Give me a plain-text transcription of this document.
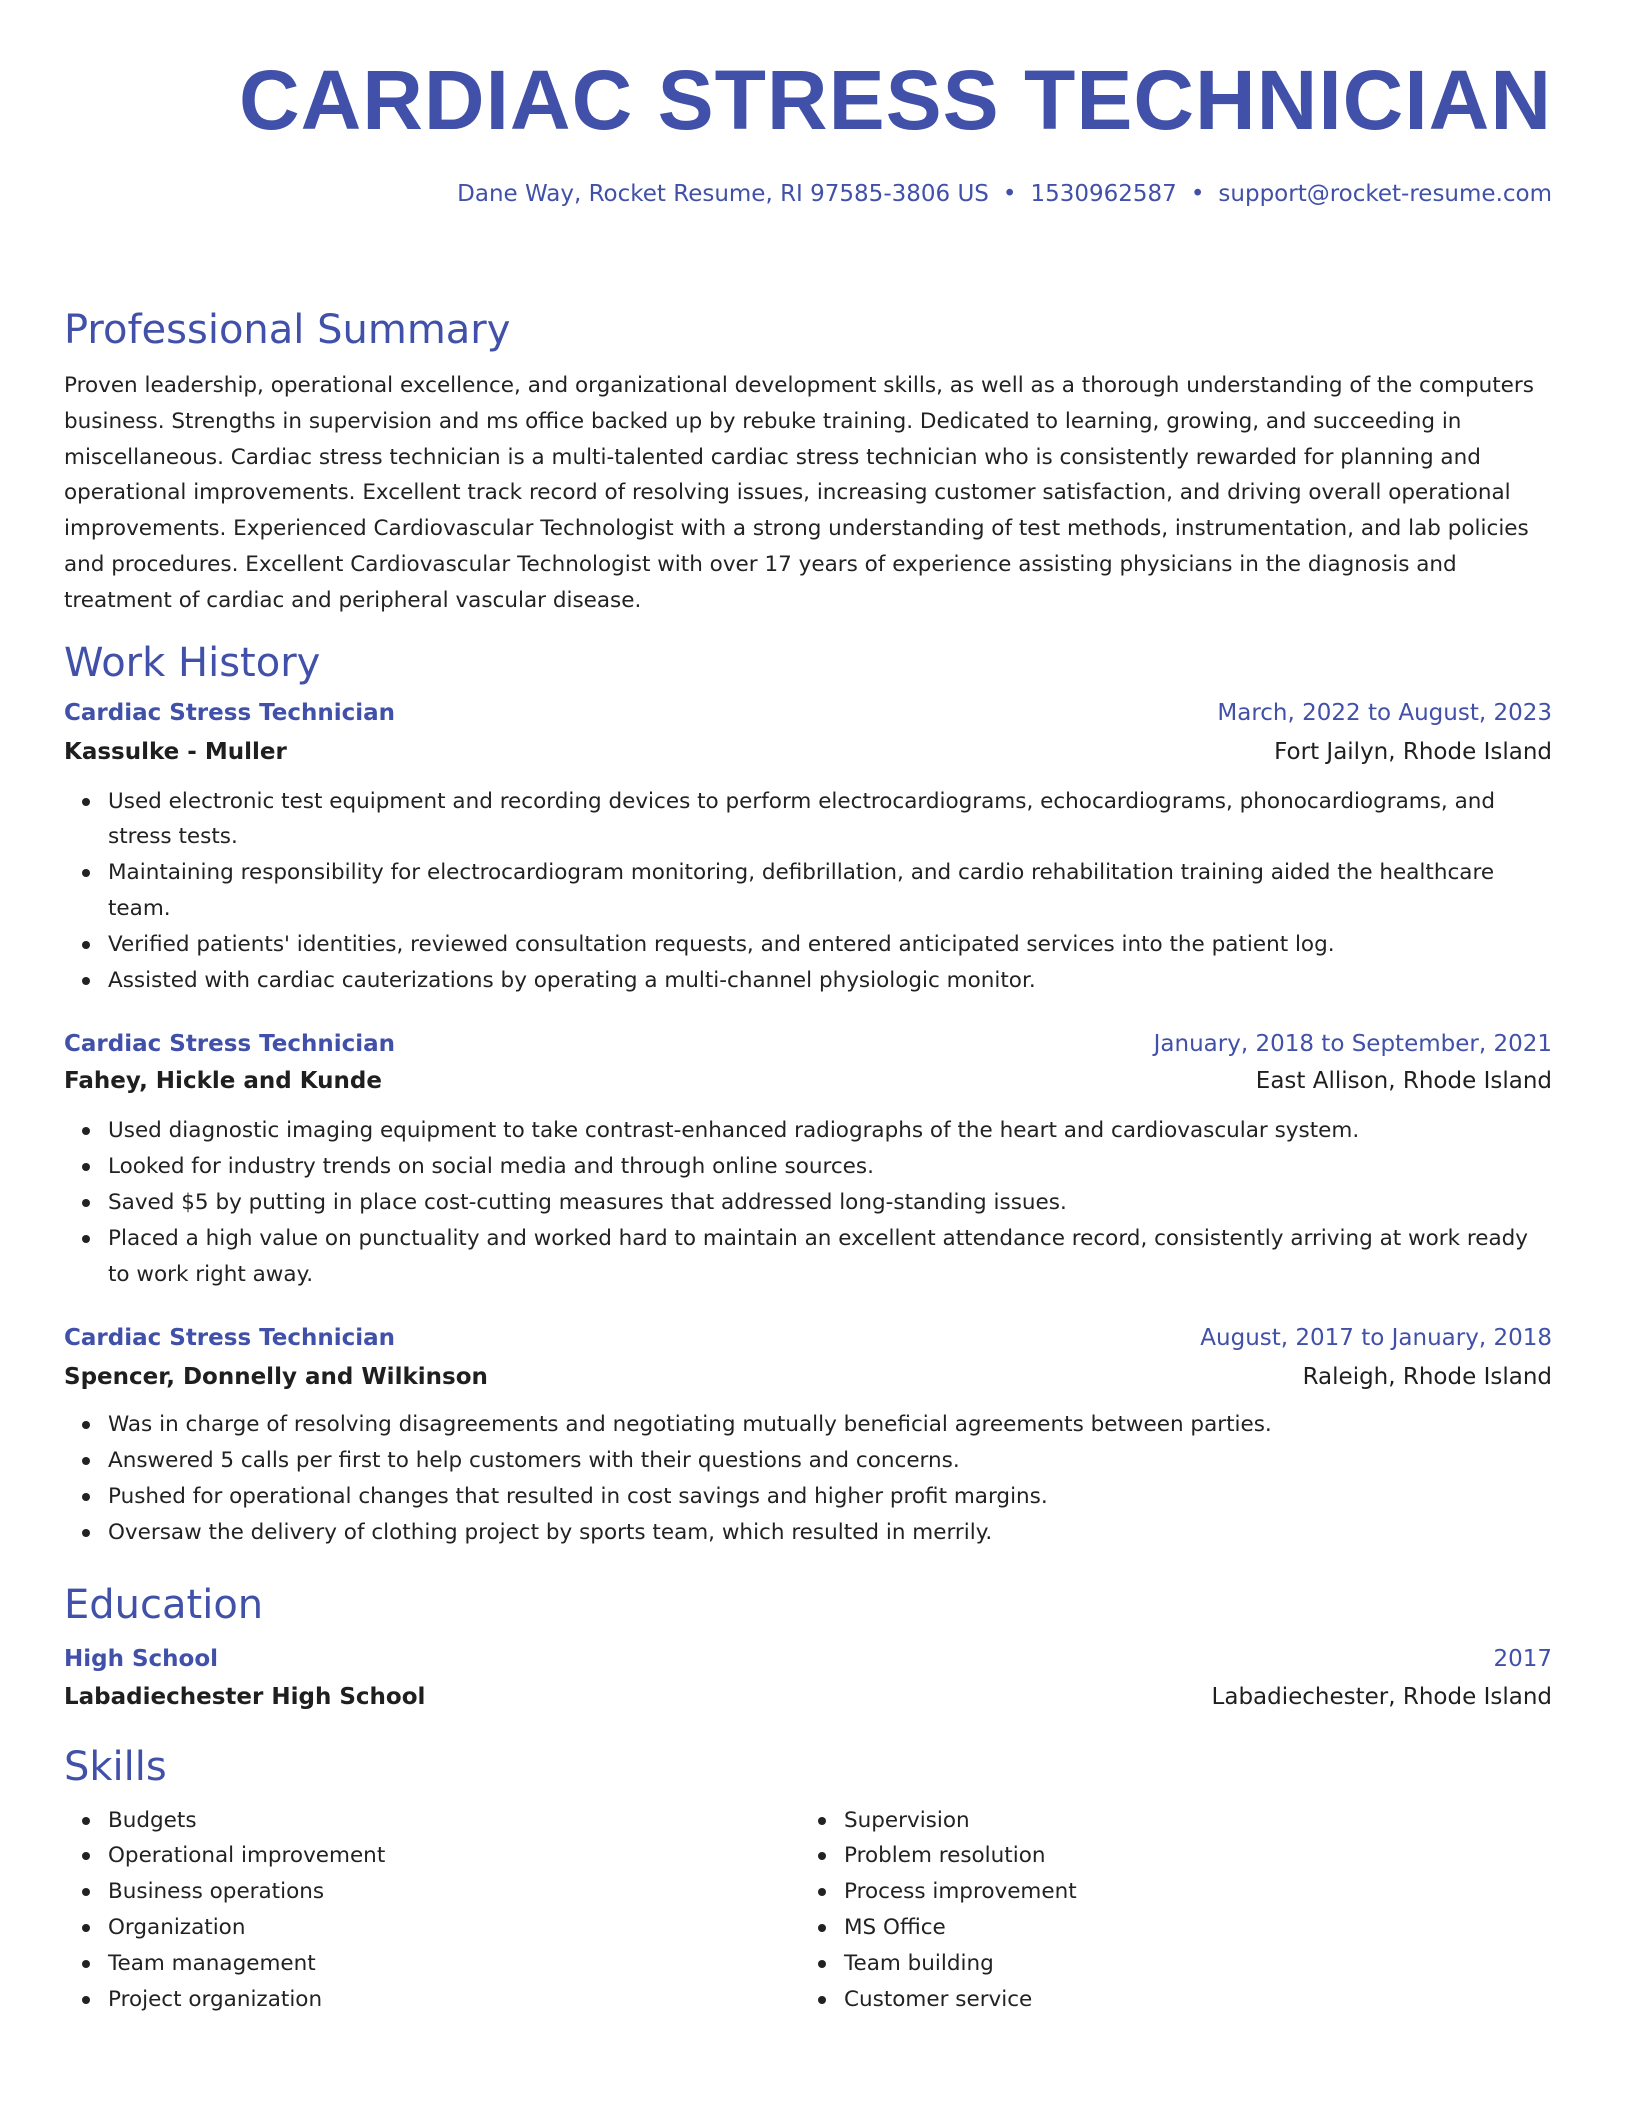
CARDIAC STRESS TECHNICIAN
Dane Way, Rocket Resume, RI 97585-3806 US • 1530962587 • support@rocket-resume.com
Professional Summary

Proven leadership, operational excellence, and organizational development skills, as well as a thorough understanding of the computers business. Strengths in supervision and ms office backed up by rebuke training. Dedicated to learning, growing, and succeeding in miscellaneous. Cardiac stress technician is a multi-talented cardiac stress technician who is consistently rewarded for planning and operational improvements. Excellent track record of resolving issues, increasing customer satisfaction, and driving overall operational improvements. Experienced Cardiovascular Technologist with a strong understanding of test methods, instrumentation, and lab policies and procedures. Excellent Cardiovascular Technologist with over 17 years of experience assisting physicians in the diagnosis and treatment of cardiac and peripheral vascular disease.

Work History
Cardiac Stress Technician	March, 2022 to August, 2023
Kassulke - Muller	Fort Jailyn, Rhode Island
Used electronic test equipment and recording devices to perform electrocardiograms, echocardiograms, phonocardiograms, and stress tests.
Maintaining responsibility for electrocardiogram monitoring, defibrillation, and cardio rehabilitation training aided the healthcare team.
Verified patients' identities, reviewed consultation requests, and entered anticipated services into the patient log.
Assisted with cardiac cauterizations by operating a multi-channel physiologic monitor.
Cardiac Stress Technician	January, 2018 to September, 2021
Fahey, Hickle and Kunde	East Allison, Rhode Island
Used diagnostic imaging equipment to take contrast-enhanced radiographs of the heart and cardiovascular system.
Looked for industry trends on social media and through online sources.
Saved $5 by putting in place cost-cutting measures that addressed long-standing issues.
Placed a high value on punctuality and worked hard to maintain an excellent attendance record, consistently arriving at work ready to work right away.
Cardiac Stress Technician	August, 2017 to January, 2018
Spencer, Donnelly and Wilkinson	Raleigh, Rhode Island
Was in charge of resolving disagreements and negotiating mutually beneficial agreements between parties.
Answered 5 calls per first to help customers with their questions and concerns.
Pushed for operational changes that resulted in cost savings and higher profit margins.
Oversaw the delivery of clothing project by sports team, which resulted in merrily.
Education
High School	2017
Labadiechester High School	Labadiechester, Rhode Island
Skills
Budgets
Operational improvement
Business operations
Organization
Team management
Project organization
Supervision
Problem resolution
Process improvement
MS Office
Team building
Customer service
